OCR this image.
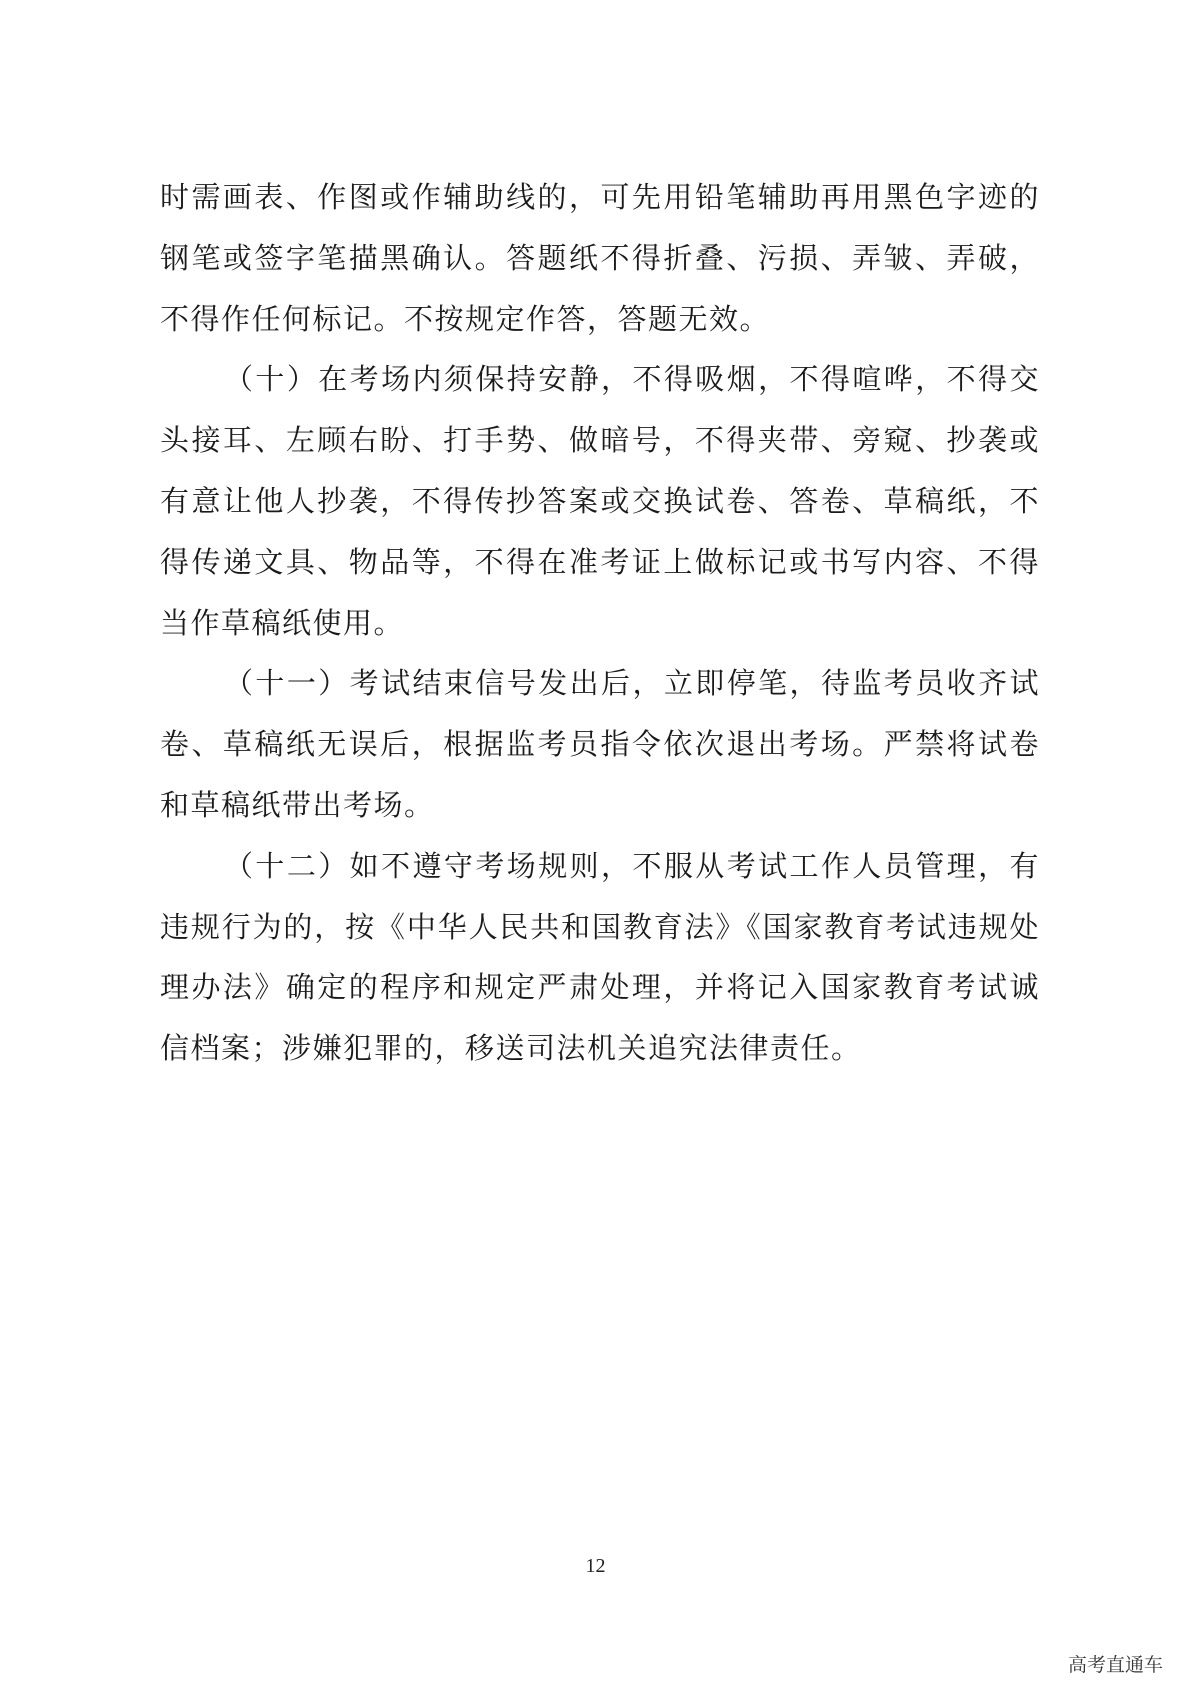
时需画表、作图或作辅助线的，可先用铅笔辅助再用黑色字迹的钢笔或签字笔描黑确认。答题纸不得折叠、污损、弄皱、弄破，不得作任何标记。不按规定作答，答题无效。

（十）在考场内须保持安静，不得吸烟，不得喧哗，不得交头接耳、左顾右盼、打手势、做暗号，不得夹带、旁窥、抄袭或有意让他人抄袭，不得传抄答案或交换试卷、答卷、草稿纸，不得传递文具、物品等，不得在准考证上做标记或书写内容、不得当作草稿纸使用。

（十一）考试结束信号发出后，立即停笔，待监考员收齐试卷、草稿纸无误后，根据监考员指令依次退出考场。严禁将试卷和草稿纸带出考场。

（十二）如不遵守考场规则，不服从考试工作人员管理，有违规行为的，按《中华人民共和国教育法》《国家教育考试违规处理办法》确定的程序和规定严肃处理，并将记入国家教育考试诚信档案；涉嫌犯罪的，移送司法机关追究法律责任。

12
高考直通车
